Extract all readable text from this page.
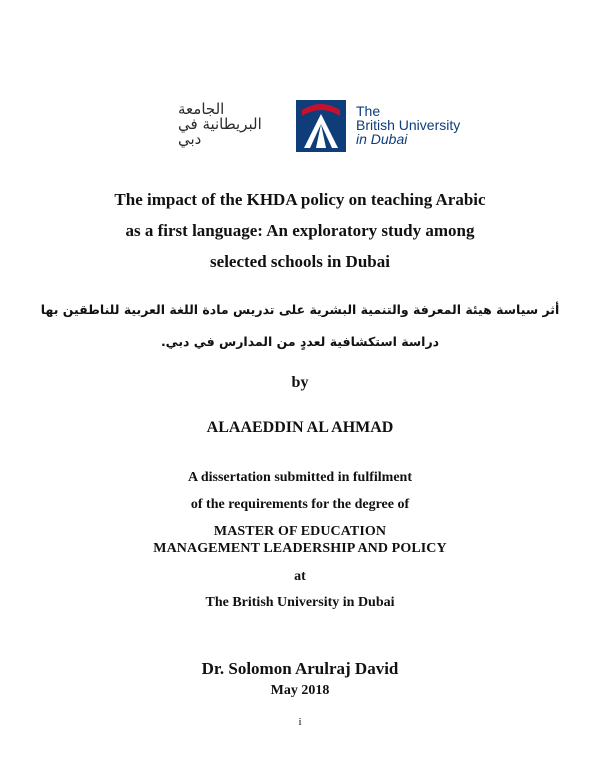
الجامعة
البريطانية في
دبي
The
British University
in Dubai
The impact of the KHDA policy on teaching Arabic
as a first language: An exploratory study among
selected schools in Dubai
أثر سياسة هيئة المعرفة والتنمية البشرية على تدريس مادة اللغة العربية للناطقين بها
دراسة استكشافية لعددٍ من المدارس في دبي.
by
ALAAEDDIN AL AHMAD
A dissertation submitted in fulfilment
of the requirements for the degree of
MASTER OF EDUCATION
MANAGEMENT LEADERSHIP AND POLICY
at
The British University in Dubai
Dr. Solomon Arulraj David
May 2018
i
